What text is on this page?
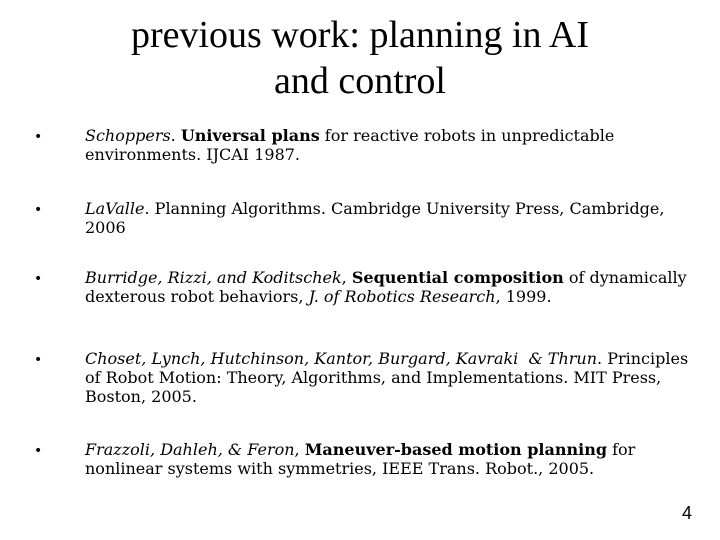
previous work: planning in AI
and control
•	Schoppers. Universal plans for reactive robots in unpredictable environments. IJCAI 1987.
•	LaValle. Planning Algorithms. Cambridge University Press, Cambridge, 2006
•	Burridge, Rizzi, and Koditschek, Sequential composition of dynamically dexterous robot behaviors, J. of Robotics Research, 1999.
•	Choset, Lynch, Hutchinson, Kantor, Burgard, Kavraki  & Thrun. Principles of Robot Motion: Theory, Algorithms, and Implementations. MIT Press, Boston, 2005.
•	Frazzoli, Dahleh, & Feron, Maneuver-based motion planning for nonlinear systems with symmetries, IEEE Trans. Robot., 2005.
4
